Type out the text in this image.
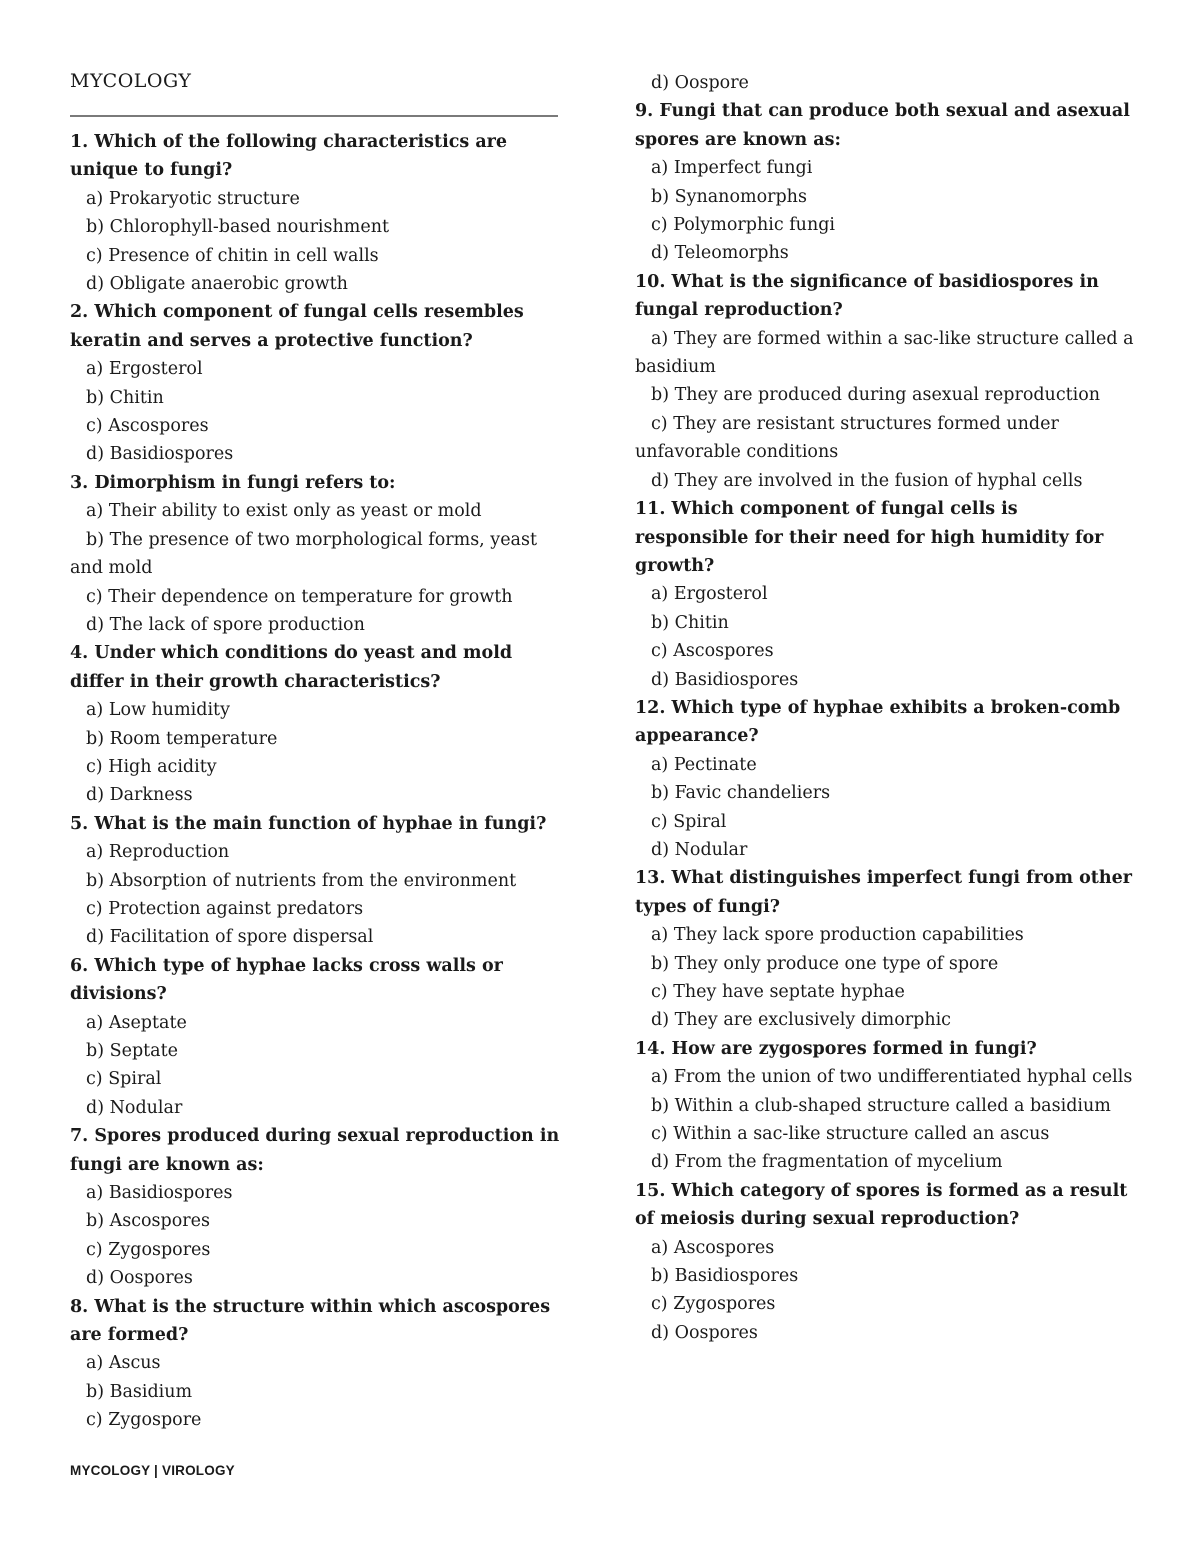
MYCOLOGY
1. Which of the following characteristics are unique to fungi?
a) Prokaryotic structure
b) Chlorophyll-based nourishment
c) Presence of chitin in cell walls
d) Obligate anaerobic growth
2. Which component of fungal cells resembles keratin and serves a protective function?
a) Ergosterol
b) Chitin
c) Ascospores
d) Basidiospores
3. Dimorphism in fungi refers to:
a) Their ability to exist only as yeast or mold
b) The presence of two morphological forms, yeast and mold
c) Their dependence on temperature for growth
d) The lack of spore production
4. Under which conditions do yeast and mold differ in their growth characteristics?
a) Low humidity
b) Room temperature
c) High acidity
d) Darkness
5. What is the main function of hyphae in fungi?
a) Reproduction
b) Absorption of nutrients from the environment
c) Protection against predators
d) Facilitation of spore dispersal
6. Which type of hyphae lacks cross walls or divisions?
a) Aseptate
b) Septate
c) Spiral
d) Nodular
7. Spores produced during sexual reproduction in fungi are known as:
a) Basidiospores
b) Ascospores
c) Zygospores
d) Oospores
8. What is the structure within which ascospores are formed?
a) Ascus
b) Basidium
c) Zygospore
d) Oospore
9. Fungi that can produce both sexual and asexual spores are known as:
a) Imperfect fungi
b) Synanomorphs
c) Polymorphic fungi
d) Teleomorphs
10. What is the significance of basidiospores in fungal reproduction?
a) They are formed within a sac-like structure called a basidium
b) They are produced during asexual reproduction
c) They are resistant structures formed under unfavorable conditions
d) They are involved in the fusion of hyphal cells
11. Which component of fungal cells is responsible for their need for high humidity for growth?
a) Ergosterol
b) Chitin
c) Ascospores
d) Basidiospores
12. Which type of hyphae exhibits a broken-comb appearance?
a) Pectinate
b) Favic chandeliers
c) Spiral
d) Nodular
13. What distinguishes imperfect fungi from other types of fungi?
a) They lack spore production capabilities
b) They only produce one type of spore
c) They have septate hyphae
d) They are exclusively dimorphic
14. How are zygospores formed in fungi?
a) From the union of two undifferentiated hyphal cells
b) Within a club-shaped structure called a basidium
c) Within a sac-like structure called an ascus
d) From the fragmentation of mycelium
15. Which category of spores is formed as a result of meiosis during sexual reproduction?
a) Ascospores
b) Basidiospores
c) Zygospores
d) Oospores
MYCOLOGY | VIROLOGY
